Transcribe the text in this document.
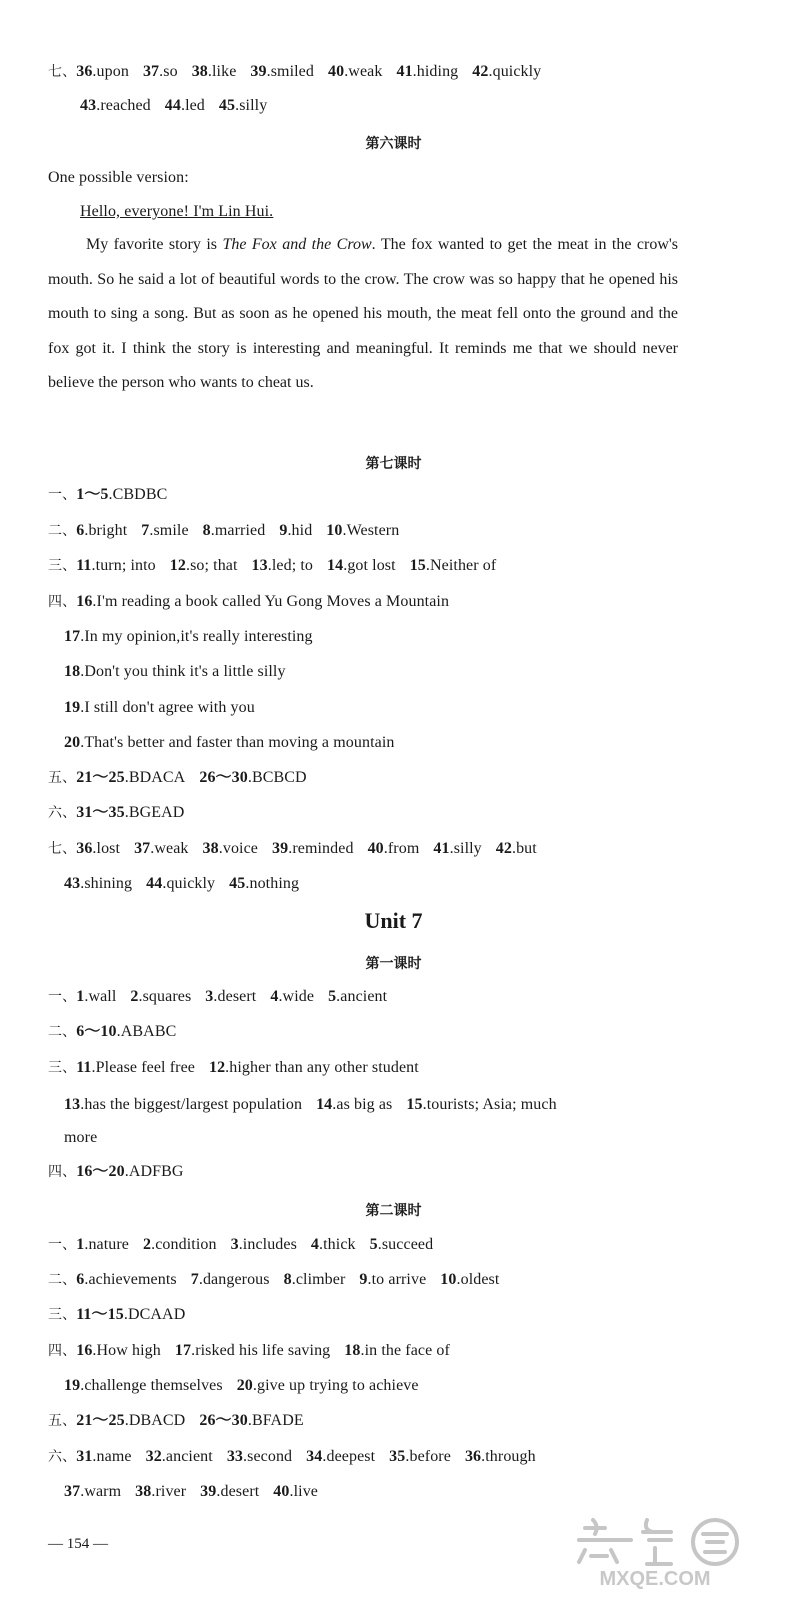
七、36.upon 37.so 38.like 39.smiled 40.weak 41.hiding 42.quickly
43.reached 44.led 45.silly
第六课时
One possible version:
Hello, everyone! I'm Lin Hui.
My favorite story is The Fox and the Crow. The fox wanted to get the meat in the crow's mouth. So he said a lot of beautiful words to the crow. The crow was so happy that he opened his mouth to sing a song. But as soon as he opened his mouth, the meat fell onto the ground and the fox got it. I think the story is interesting and meaningful. It reminds me that we should never believe the person who wants to cheat us.
第七课时
一、1～5.CBDBC
二、6.bright 7.smile 8.married 9.hid 10.Western
三、11.turn; into 12.so; that 13.led; to 14.got lost 15.Neither of
四、16.I'm reading a book called Yu Gong Moves a Mountain
17.In my opinion,it's really interesting
18.Don't you think it's a little silly
19.I still don't agree with you
20.That's better and faster than moving a mountain
五、21～25.BDACA 26～30.BCBCD
六、31～35.BGEAD
七、36.lost 37.weak 38.voice 39.reminded 40.from 41.silly 42.but
43.shining 44.quickly 45.nothing
Unit 7
第一课时
一、1.wall 2.squares 3.desert 4.wide 5.ancient
二、6～10.ABABC
三、11.Please feel free 12.higher than any other student
13.has the biggest/largest population 14.as big as 15.tourists; Asia; much
more
四、16～20.ADFBG
第二课时
一、1.nature 2.condition 3.includes 4.thick 5.succeed
二、6.achievements 7.dangerous 8.climber 9.to arrive 10.oldest
三、11～15.DCAAD
四、16.How high 17.risked his life saving 18.in the face of
19.challenge themselves 20.give up trying to achieve
五、21～25.DBACD 26～30.BFADE
六、31.name 32.ancient 33.second 34.deepest 35.before 36.through
37.warm 38.river 39.desert 40.live
— 154 —
MXQE.COM
